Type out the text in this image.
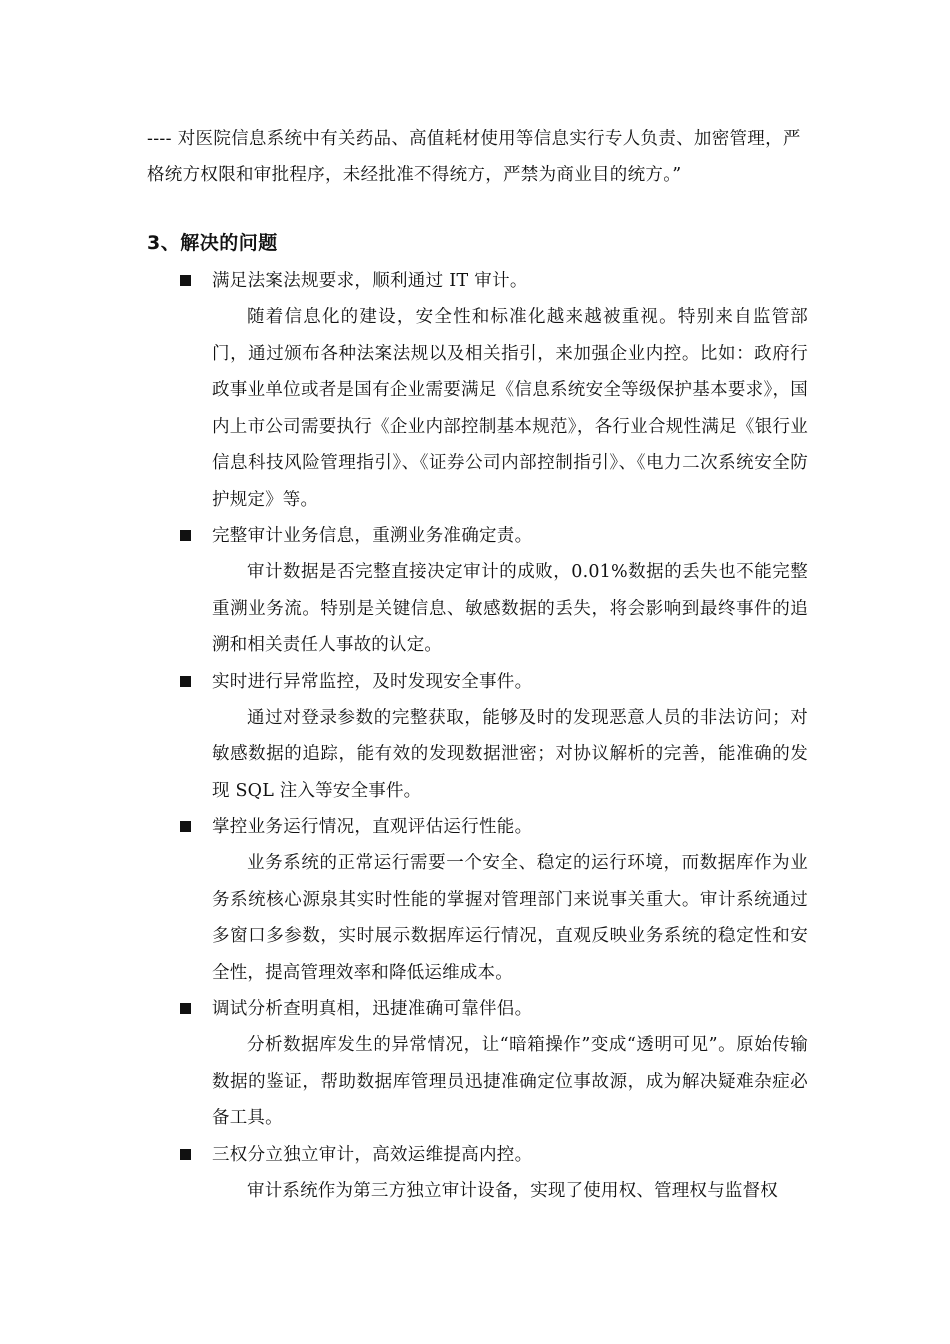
---- 对医院信息系统中有关药品、高值耗材使用等信息实行专人负责、加密管理，严格统方权限和审批程序，未经批准不得统方，严禁为商业目的统方。”
3、解决的问题
满足法案法规要求，顺利通过 IT 审计。
随着信息化的建设，安全性和标准化越来越被重视。特别来自监管部门，通过颁布各种法案法规以及相关指引，来加强企业内控。比如：政府行政事业单位或者是国有企业需要满足《信息系统安全等级保护基本要求》，国内上市公司需要执行《企业内部控制基本规范》，各行业合规性满足《银行业信息科技风险管理指引》、《证券公司内部控制指引》、《电力二次系统安全防护规定》等。
完整审计业务信息，重溯业务准确定责。
审计数据是否完整直接决定审计的成败，0.01%数据的丢失也不能完整重溯业务流。特别是关键信息、敏感数据的丢失，将会影响到最终事件的追溯和相关责任人事故的认定。
实时进行异常监控，及时发现安全事件。
通过对登录参数的完整获取，能够及时的发现恶意人员的非法访问；对敏感数据的追踪，能有效的发现数据泄密；对协议解析的完善，能准确的发现 SQL 注入等安全事件。
掌控业务运行情况，直观评估运行性能。
业务系统的正常运行需要一个安全、稳定的运行环境，而数据库作为业务系统核心源泉其实时性能的掌握对管理部门来说事关重大。审计系统通过多窗口多参数，实时展示数据库运行情况，直观反映业务系统的稳定性和安全性，提高管理效率和降低运维成本。
调试分析查明真相，迅捷准确可靠伴侣。
分析数据库发生的异常情况，让“暗箱操作”变成“透明可见”。原始传输数据的鉴证，帮助数据库管理员迅捷准确定位事故源，成为解决疑难杂症必备工具。
三权分立独立审计，高效运维提高内控。
审计系统作为第三方独立审计设备，实现了使用权、管理权与监督权
